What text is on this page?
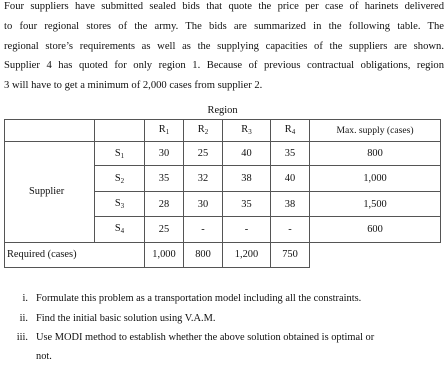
Four suppliers have submitted sealed bids that quote the price per case of harinets delivered
to four regional stores of the army. The bids are summarized in the following table. The
regional store’s requirements as well as the supplying capacities of the suppliers are shown.
Supplier 4 has quoted for only region 1. Because of previous contractual obligations, region
3 will have to get a minimum of 2,000 cases from supplier 2.
Region						
		$R_1$	$R_2$	$R_3$	$R_4$	Max. supply (cases)
Supplier	$S_1$	30	25	40	35	800
	$S_2$	35	32	38	40	1,000
	$S_3$	28	30	35	38	1,500
	$S_4$	25	-	-	-	600
Required (cases)		1,000	800	1,200	750	
i. Formulate this problem as a transportation model including all the constraints.
ii. Find the initial basic solution using V.A.M.
iii. Use MODI method to establish whether the above solution obtained is optimal or
not.
